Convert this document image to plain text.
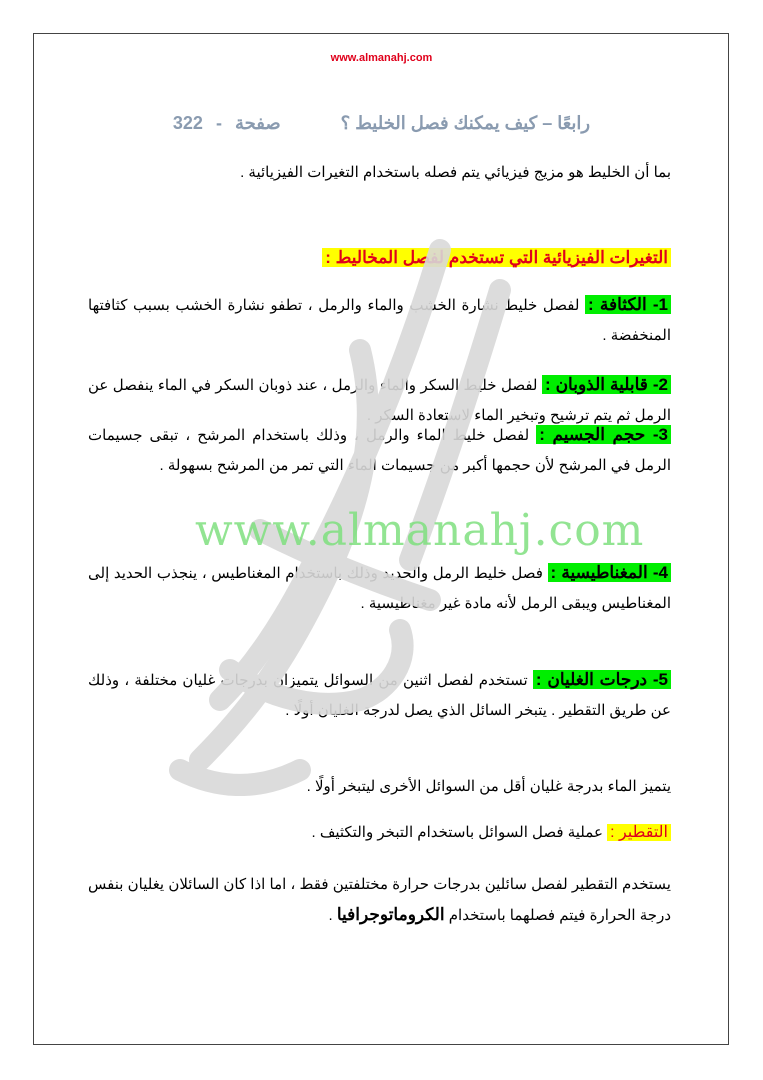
www.almanahj.com
رابعًا – كيف يمكنك فصل الخليط ؟  صفحة - 322
بما أن الخليط هو مزيج فيزيائي يتم فصله باستخدام التغيرات الفيزيائية .
التغيرات الفيزيائية التي تستخدم لفصل المخاليط :
1- الكثافة : لفصل خليط نشارة الخشب والماء والرمل ، تطفو نشارة الخشب بسبب كثافتها المنخفضة .
2- قابلية الذوبان : لفصل خليط السكر والماء والرمل ، عند ذوبان السكر في الماء ينفصل عن الرمل ثم يتم ترشيح وتبخير الماء لاستعادة السكر .
3- حجم الجسيم : لفصل خليط الماء والرمل ، وذلك باستخدام المرشح ، تبقى جسيمات الرمل في المرشح لأن حجمها أكبر من جسيمات الماء التي تمر من المرشح بسهولة .
4- المغناطيسية : فصل خليط الرمل والحديد وذلك باستخدام المغناطيس ، ينجذب الحديد إلى المغناطيس ويبقى الرمل لأنه مادة غير مغناطيسية .
5- درجات الغليان : تستخدم لفصل اثنين من السوائل يتميزان بدرجات غليان مختلفة ، وذلك عن طريق التقطير . يتبخر السائل الذي يصل لدرجة الغليان أولًا .
يتميز الماء بدرجة غليان أقل من السوائل الأخرى ليتبخر أولًا .
التقطير : عملية فصل السوائل باستخدام التبخر والتكثيف .
يستخدم التقطير لفصل سائلين بدرجات حرارة مختلفتين فقط ، اما اذا كان السائلان يغليان بنفس درجة الحرارة فيتم فصلهما باستخدام الكروماتوجرافيا .
www.almanahj.com
